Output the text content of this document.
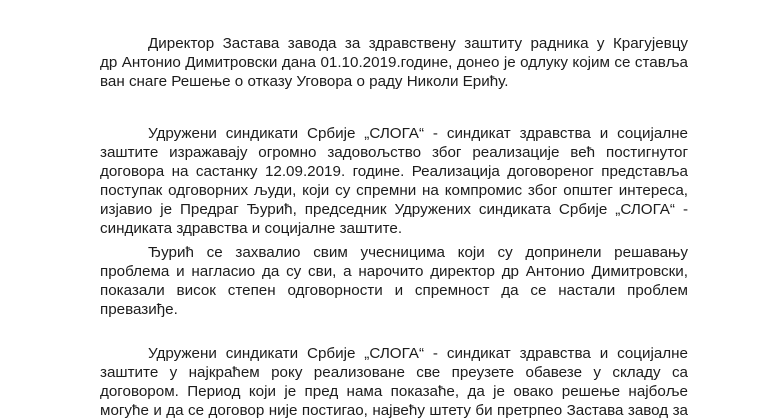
Директор Застава завода за здравствену заштиту радника у Крагујевцу
др Антонио Димитровски дана 01.10.2019.године, донео је одлуку којим се ставља
ван снаге Решење о отказу Уговора о раду Николи Ерићу.
Удружени синдикати Србије „СЛОГА“ - синдикат здравства и социјалне
заштите изражавају огромно задовољство због реализације већ постигнутог
договора на састанку 12.09.2019. године. Реализација договореног представља
поступак одговорних људи, који су спремни на компромис због општег интереса,
изјавио је Предраг Ђурић, председник Удружених синдиката Србије „СЛОГА“ -
синдиката здравства и социјалне заштите.
Ђурић се захвалио свим учесницима који су допринели решавању
проблема и нагласио да су сви, а нарочито директор др Антонио Димитровски,
показали висок степен одговорности и спремност да се настали проблем
превазиђе.
Удружени синдикати Србије „СЛОГА“ - синдикат здравства и социјалне
заштите у најкраћем року реализоване све преузете обавезе у складу са
договором. Период који је пред нама показаће, да је овако решење најбоље
могуће и да се договор није постигао, највећу штету би претрпео Застава завод за
